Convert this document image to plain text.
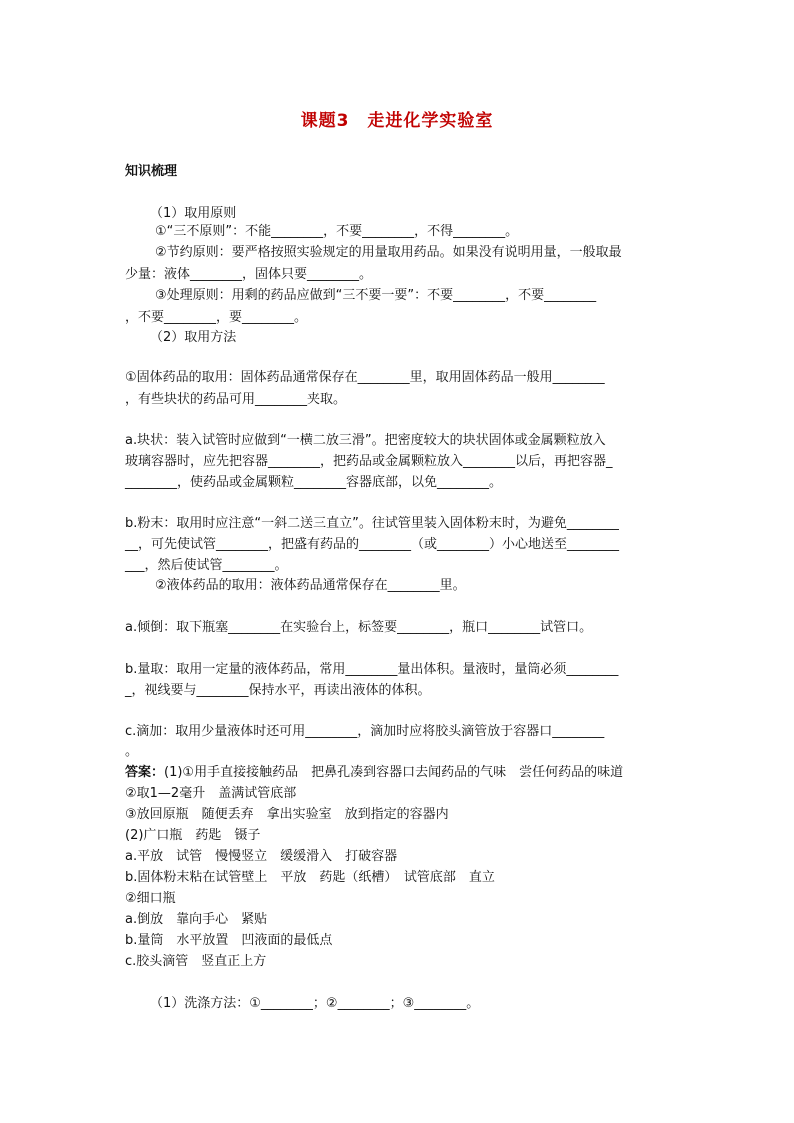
课题3　走进化学实验室
知识梳理
（1）取用原则
①“三不原则”：不能________，不要________，不得________。
②节约原则：要严格按照实验规定的用量取用药品。如果没有说明用量，一般取最
少量：液体________，固体只要________。
③处理原则：用剩的药品应做到“三不要一要”：不要________，不要________
，不要________，要________。
（2）取用方法
①固体药品的取用：固体药品通常保存在________里，取用固体药品一般用________
，有些块状的药品可用________夹取。
a.块状：装入试管时应做到“一横二放三滑”。把密度较大的块状固体或金属颗粒放入
玻璃容器时，应先把容器________，把药品或金属颗粒放入________以后，再把容器_
________，使药品或金属颗粒________容器底部，以免________。
b.粉末：取用时应注意“一斜二送三直立”。往试管里装入固体粉末时，为避免________
__，可先使试管________，把盛有药品的________（或________）小心地送至________
___，然后使试管________。
②液体药品的取用：液体药品通常保存在________里。
a.倾倒：取下瓶塞________在实验台上，标签要________，瓶口________试管口。
b.量取：取用一定量的液体药品，常用________量出体积。量液时，量筒必须________
_，视线要与________保持水平，再读出液体的体积。
c.滴加：取用少量液体时还可用________，滴加时应将胶头滴管放于容器口________
。
答案：(1)①用手直接接触药品　把鼻孔凑到容器口去闻药品的气味　尝任何药品的味道
②取1—2毫升　盖满试管底部
③放回原瓶　随便丢弃　拿出实验室　放到指定的容器内
(2)广口瓶　药匙　镊子
a.平放　试管　慢慢竖立　缓缓滑入　打破容器
b.固体粉末粘在试管壁上　平放　药匙（纸槽）　试管底部　直立
②细口瓶
a.倒放　靠向手心　紧贴
b.量筒　水平放置　凹液面的最低点
c.胶头滴管　竖直正上方
（1）洗涤方法：①________；②________；③________。
